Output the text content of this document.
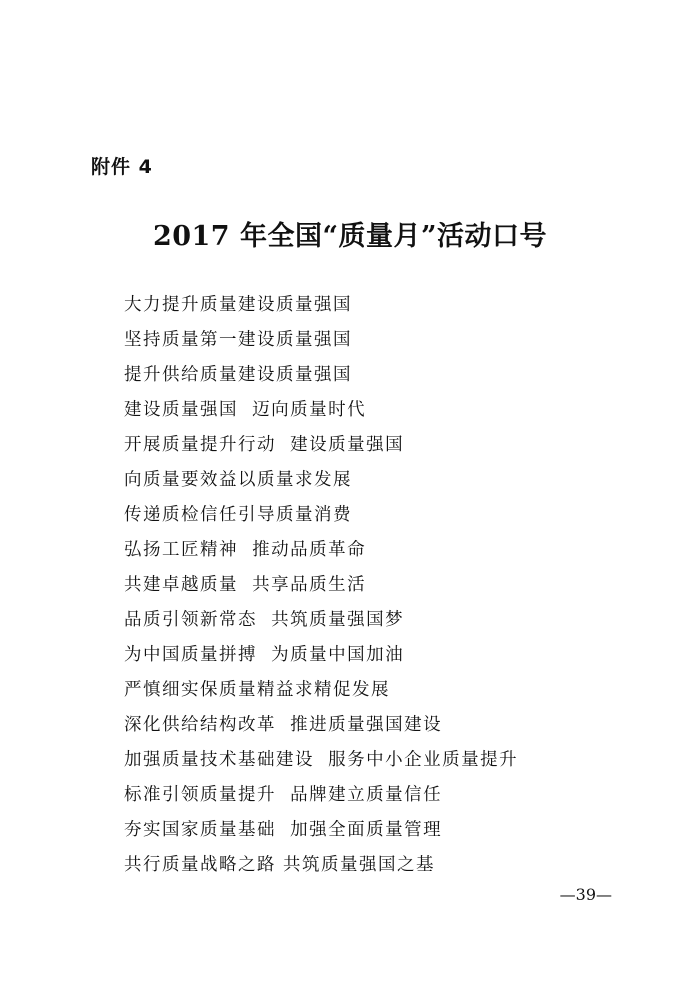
附件 4
2017 年全国“质量月”活动口号
大力提升质量建设质量强国
坚持质量第一建设质量强国
提升供给质量建设质量强国
建设质量强国  迈向质量时代
开展质量提升行动  建设质量强国
向质量要效益以质量求发展
传递质检信任引导质量消费
弘扬工匠精神  推动品质革命
共建卓越质量  共享品质生活
品质引领新常态  共筑质量强国梦
为中国质量拼搏  为质量中国加油
严慎细实保质量精益求精促发展
深化供给结构改革  推进质量强国建设
加强质量技术基础建设  服务中小企业质量提升
标准引领质量提升  品牌建立质量信任
夯实国家质量基础  加强全面质量管理
共行质量战略之路 共筑质量强国之基
—39—
